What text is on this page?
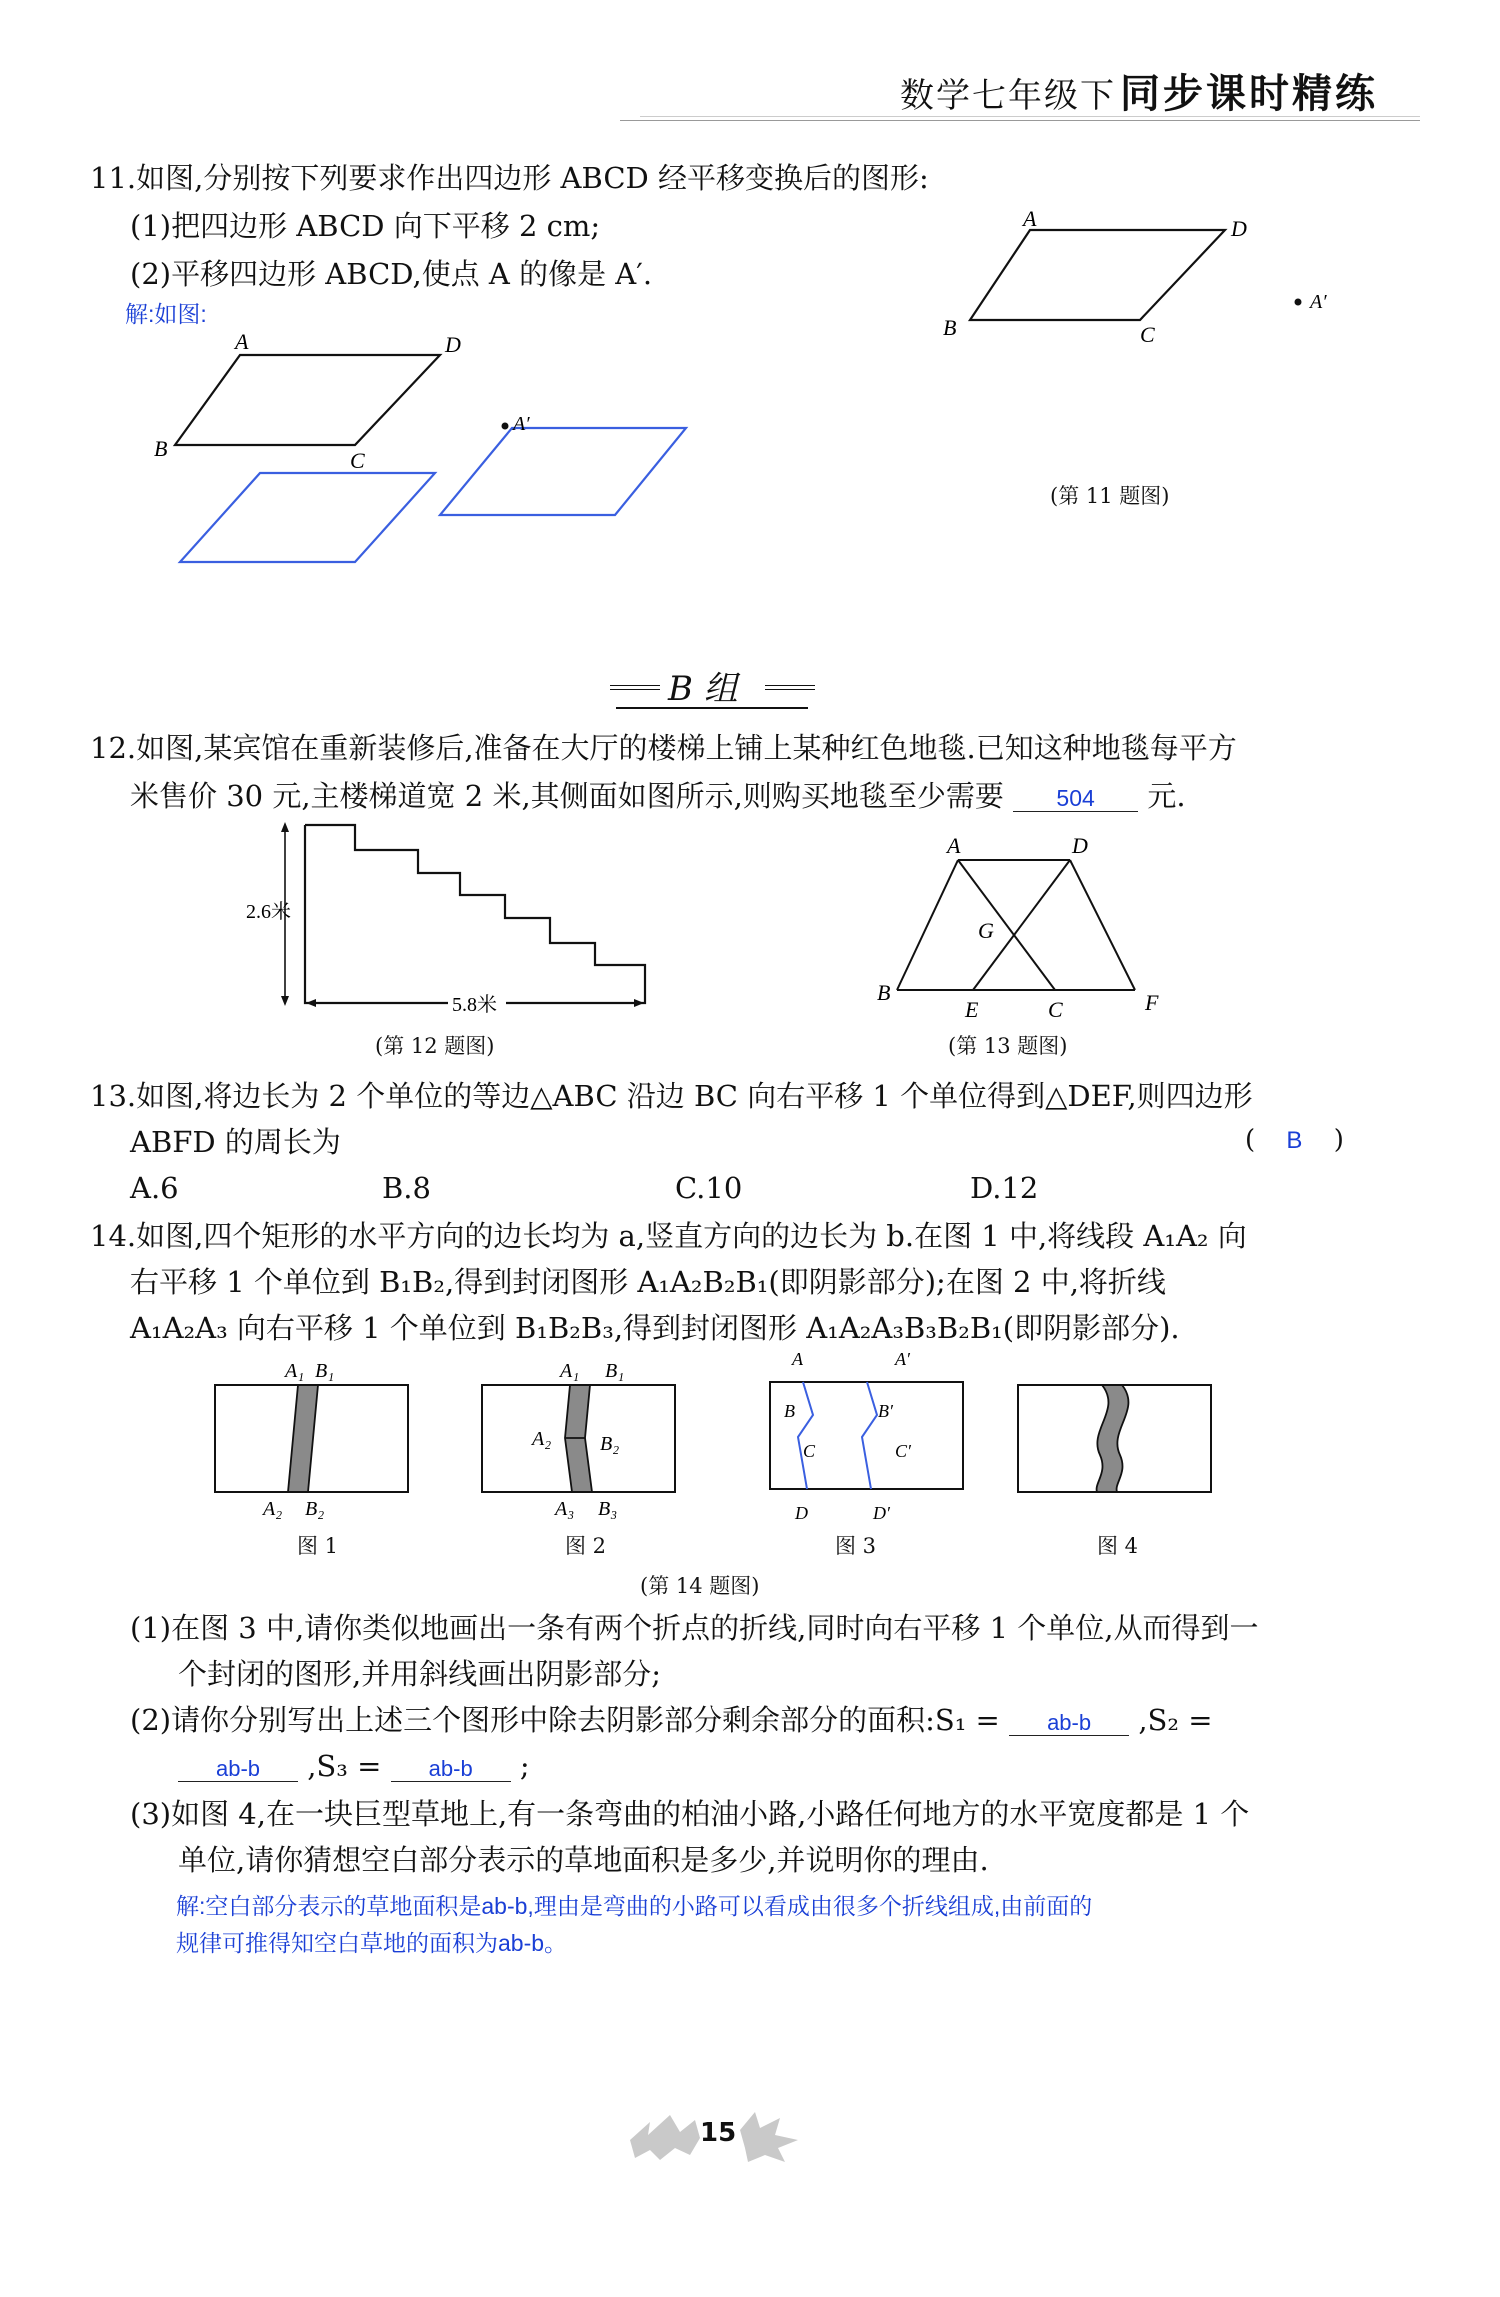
数学七年级下 同步课时精练
11.如图,分别按下列要求作出四边形 ABCD 经平移变换后的图形:
(1)把四边形 ABCD 向下平移 2 cm;
(2)平移四边形 ABCD,使点 A 的像是 A′.
解:如图:
A	D
B	C
A′
A	D
B	C
A′
(第 11 题图)
B 组
12.如图,某宾馆在重新装修后,准备在大厅的楼梯上铺上某种红色地毯.已知这种地毯每平方
米售价 30 元,主楼梯道宽 2 米,其侧面如图所示,则购买地毯至少需要 504 元.
2.6米
5.8米
(第 12 题图)
A	D
G
B
E	C	F
(第 13 题图)
13.如图,将边长为 2 个单位的等边△ABC 沿边 BC 向右平移 1 个单位得到△DEF,则四边形
ABFD 的周长为	( B )
A.6	B.8	C.10	D.12
14.如图,四个矩形的水平方向的边长均为 a,竖直方向的边长为 b.在图 1 中,将线段 A₁A₂ 向
右平移 1 个单位到 B₁B₂,得到封闭图形 A₁A₂B₂B₁(即阴影部分);在图 2 中,将折线
A₁A₂A₃ 向右平移 1 个单位到 B₁B₂B₃,得到封闭图形 A₁A₂A₃B₃B₂B₁(即阴影部分).
A₁ B₁
A₂ B₂
A₁ B₁
A₂ B₂
A₃ B₃
A	A′
B	B′
C	C′
D	D′
图 1	图 2	图 3	图 4
(第 14 题图)
(1)在图 3 中,请你类似地画出一条有两个折点的折线,同时向右平移 1 个单位,从而得到一
个封闭的图形,并用斜线画出阴影部分;
(2)请你分别写出上述三个图形中除去阴影部分剩余部分的面积:S₁ = ab-b ,S₂ =
ab-b ,S₃ = ab-b ;
(3)如图 4,在一块巨型草地上,有一条弯曲的柏油小路,小路任何地方的水平宽度都是 1 个
单位,请你猜想空白部分表示的草地面积是多少,并说明你的理由.
解:空白部分表示的草地面积是ab-b,理由是弯曲的小路可以看成由很多个折线组成,由前面的
规律可推得知空白草地的面积为ab-b。
15
